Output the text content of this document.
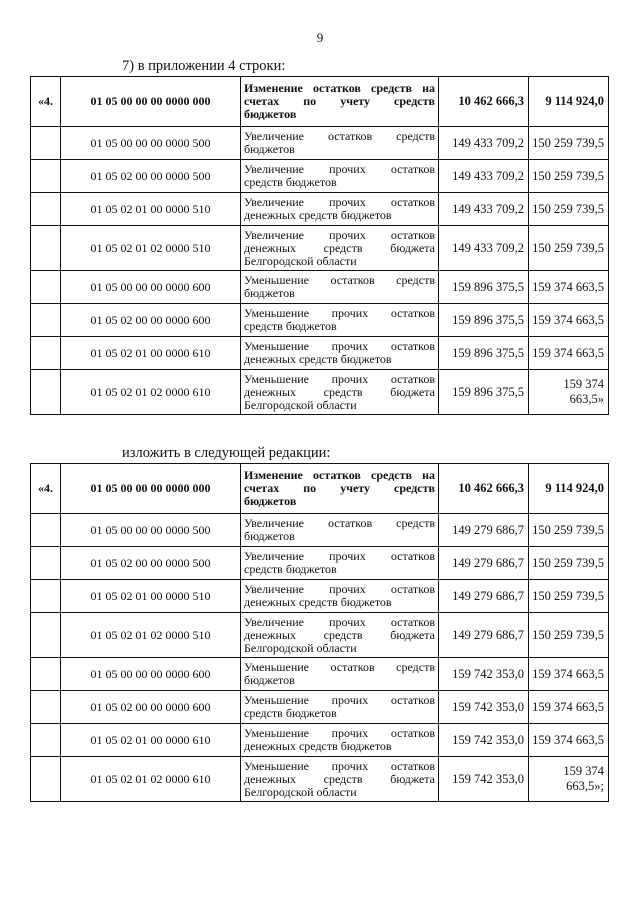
9
7) в приложении 4 строки:
«4.	01 05 00 00 00 0000 000	Изменение остатков средств на
счетах по учету средств
бюджетов	10 462 666,3	9 114 924,0
	01 05 00 00 00 0000 500	Увеличение остатков средств
бюджетов	149 433 709,2	150 259 739,5
	01 05 02 00 00 0000 500	Увеличение прочих остатков
средств бюджетов	149 433 709,2	150 259 739,5
	01 05 02 01 00 0000 510	Увеличение прочих остатков
денежных средств бюджетов	149 433 709,2	150 259 739,5
	01 05 02 01 02 0000 510	Увеличение прочих остатков
денежных средств бюджета
Белгородской области	149 433 709,2	150 259 739,5
	01 05 00 00 00 0000 600	Уменьшение остатков средств
бюджетов	159 896 375,5	159 374 663,5
	01 05 02 00 00 0000 600	Уменьшение прочих остатков
средств бюджетов	159 896 375,5	159 374 663,5
	01 05 02 01 00 0000 610	Уменьшение прочих остатков
денежных средств бюджетов	159 896 375,5	159 374 663,5
	01 05 02 01 02 0000 610	Уменьшение прочих остатков
денежных средств бюджета
Белгородской области	159 896 375,5	159 374 663,5»
изложить в следующей редакции:
«4.	01 05 00 00 00 0000 000	Изменение остатков средств на
счетах по учету средств
бюджетов	10 462 666,3	9 114 924,0
	01 05 00 00 00 0000 500	Увеличение остатков средств
бюджетов	149 279 686,7	150 259 739,5
	01 05 02 00 00 0000 500	Увеличение прочих остатков
средств бюджетов	149 279 686,7	150 259 739,5
	01 05 02 01 00 0000 510	Увеличение прочих остатков
денежных средств бюджетов	149 279 686,7	150 259 739,5
	01 05 02 01 02 0000 510	Увеличение прочих остатков
денежных средств бюджета
Белгородской области	149 279 686,7	150 259 739,5
	01 05 00 00 00 0000 600	Уменьшение остатков средств
бюджетов	159 742 353,0	159 374 663,5
	01 05 02 00 00 0000 600	Уменьшение прочих остатков
средств бюджетов	159 742 353,0	159 374 663,5
	01 05 02 01 00 0000 610	Уменьшение прочих остатков
денежных средств бюджетов	159 742 353,0	159 374 663,5
	01 05 02 01 02 0000 610	Уменьшение прочих остатков
денежных средств бюджета
Белгородской области	159 742 353,0	159 374 663,5»;
